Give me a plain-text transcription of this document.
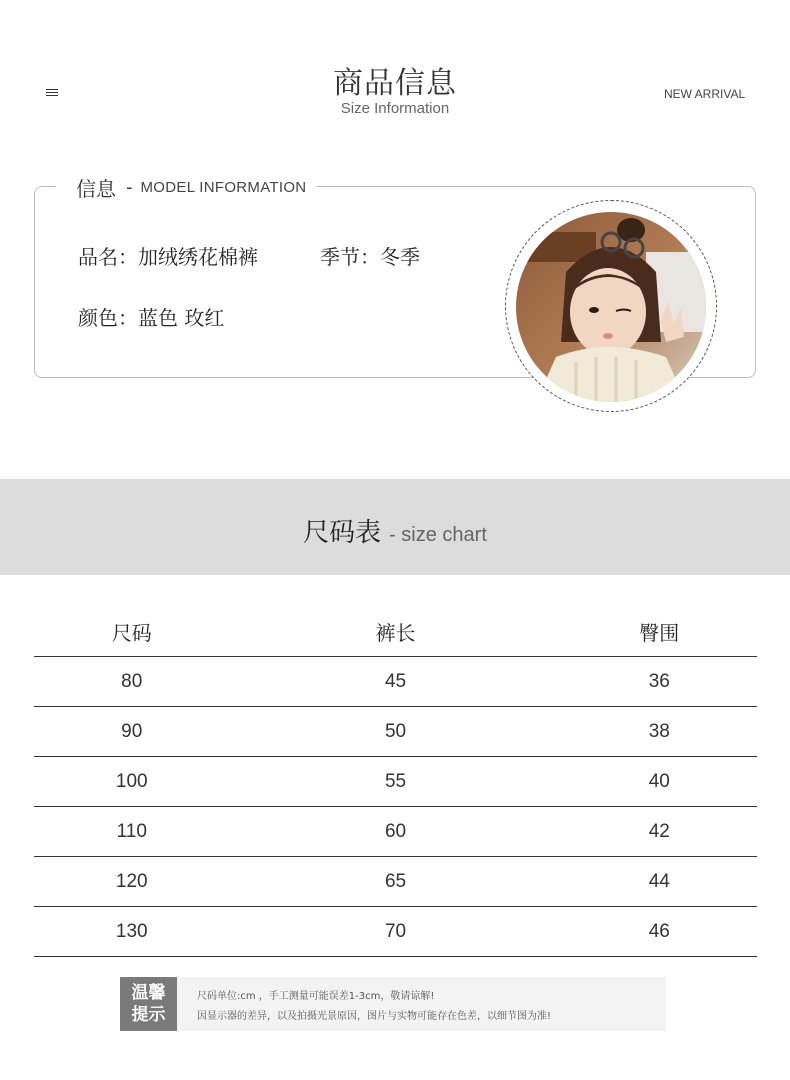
商品信息
Size Information
NEW ARRIVAL
信息 - MODEL INFORMATION
品名：加绒绣花棉裤	季节：冬季
颜色：蓝色 玫红
尺码表 - size chart
尺码	裤长	臀围
80	45	36
90	50	38
100	55	40
110	60	42
120	65	44
130	70	46
温馨
提示
尺码单位:cm ，手工测量可能误差1-3cm，敬请谅解!
因显示器的差异，以及拍摄光景原因，图片与实物可能存在色差，以细节图为准!
